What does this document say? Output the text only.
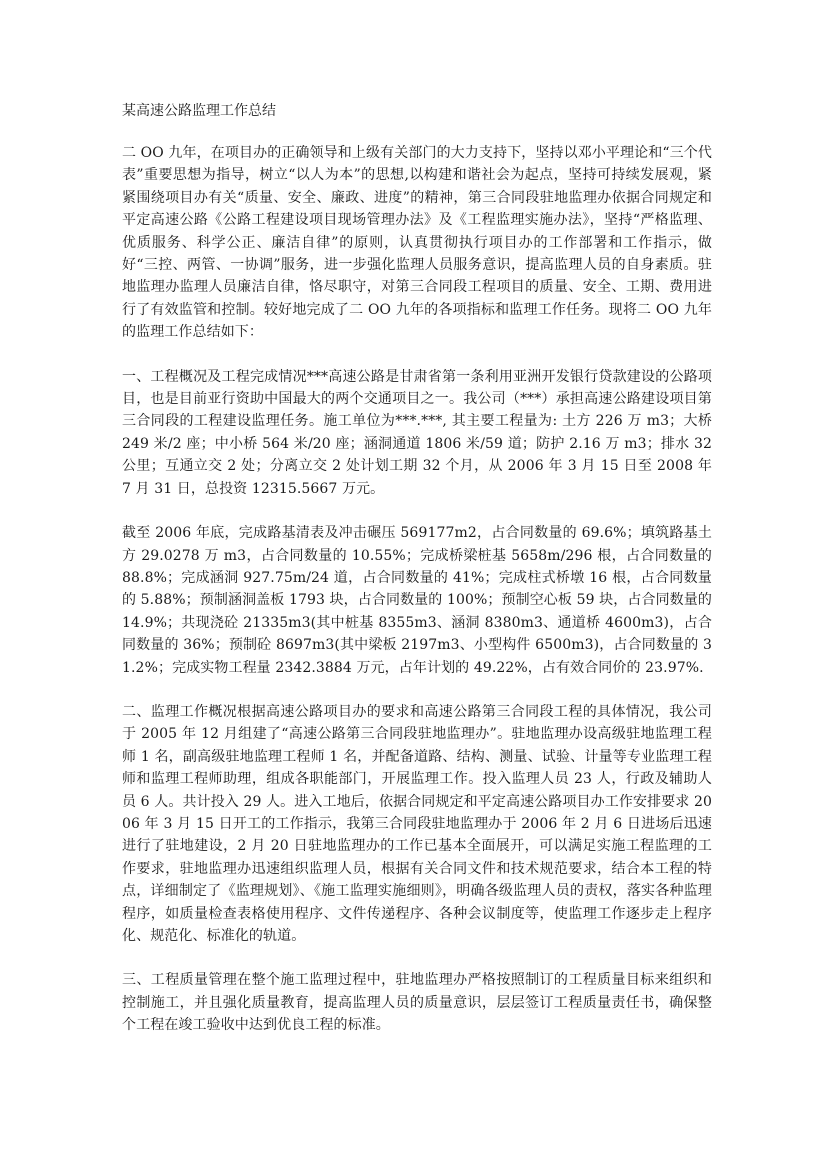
某高速公路监理工作总结

二 OO 九年，在项目办的正确领导和上级有关部门的大力支持下，坚持以邓小平理论和“三个代表”重要思想为指导，树立“以人为本”的思想,以构建和谐社会为起点，坚持可持续发展观，紧紧围绕项目办有关“质量、安全、廉政、进度”的精神，第三合同段驻地监理办依据合同规定和平定高速公路《公路工程建设项目现场管理办法》及《工程监理实施办法》，坚持“严格监理、优质服务、科学公正、廉洁自律”的原则，认真贯彻执行项目办的工作部署和工作指示，做好“三控、两管、一协调”服务，进一步强化监理人员服务意识，提高监理人员的自身素质。驻地监理办监理人员廉洁自律，恪尽职守，对第三合同段工程项目的质量、安全、工期、费用进行了有效监管和控制。较好地完成了二 OO 九年的各项指标和监理工作任务。现将二 OO 九年的监理工作总结如下：

一、工程概况及工程完成情况***高速公路是甘肃省第一条利用亚洲开发银行贷款建设的公路项目，也是目前亚行资助中国最大的两个交通项目之一。我公司（***）承担高速公路建设项目第三合同段的工程建设监理任务。施工单位为***.***, 其主要工程量为: 土方 226 万 m3；大桥 249 米/2 座；中小桥 564 米/20 座；涵洞通道 1806 米/59 道；防护 2.16 万 m3；排水 32 公里；互通立交 2 处；分离立交 2 处计划工期 32 个月，从 2006 年 3 月 15 日至 2008 年 7 月 31 日，总投资 12315.5667 万元。

截至 2006 年底，完成路基清表及冲击碾压 569177m2，占合同数量的 69.6%；填筑路基土方 29.0278 万 m3，占合同数量的 10.55%；完成桥梁桩基 5658m/296 根，占合同数量的 88.8%；完成涵洞 927.75m/24 道，占合同数量的 41%；完成柱式桥墩 16 根，占合同数量的 5.88%；预制涵洞盖板 1793 块，占合同数量的 100%；预制空心板 59 块，占合同数量的 14.9%；共现浇砼 21335m3(其中桩基 8355m3、涵洞 8380m3、通道桥 4600m3)，占合同数量的 36%；预制砼 8697m3(其中梁板 2197m3、小型构件 6500m3)，占合同数量的 31.2%；完成实物工程量 2342.3884 万元，占年计划的 49.22%，占有效合同价的 23.97%.

二、监理工作概况根据高速公路项目办的要求和高速公路第三合同段工程的具体情况，我公司于 2005 年 12 月组建了“高速公路第三合同段驻地监理办”。驻地监理办设高级驻地监理工程师 1 名，副高级驻地监理工程师 1 名，并配备道路、结构、测量、试验、计量等专业监理工程师和监理工程师助理，组成各职能部门，开展监理工作。投入监理人员 23 人，行政及辅助人员 6 人。共计投入 29 人。进入工地后，依据合同规定和平定高速公路项目办工作安排要求 2006 年 3 月 15 日开工的工作指示，我第三合同段驻地监理办于 2006 年 2 月 6 日进场后迅速进行了驻地建设，2 月 20 日驻地监理办的工作已基本全面展开，可以满足实施工程监理的工作要求，驻地监理办迅速组织监理人员，根据有关合同文件和技术规范要求，结合本工程的特点，详细制定了《监理规划》、《施工监理实施细则》，明确各级监理人员的责权，落实各种监理程序，如质量检查表格使用程序、文件传递程序、各种会议制度等，使监理工作逐步走上程序化、规范化、标准化的轨道。

三、工程质量管理在整个施工监理过程中，驻地监理办严格按照制订的工程质量目标来组织和控制施工，并且强化质量教育，提高监理人员的质量意识，层层签订工程质量责任书，确保整个工程在竣工验收中达到优良工程的标准。
